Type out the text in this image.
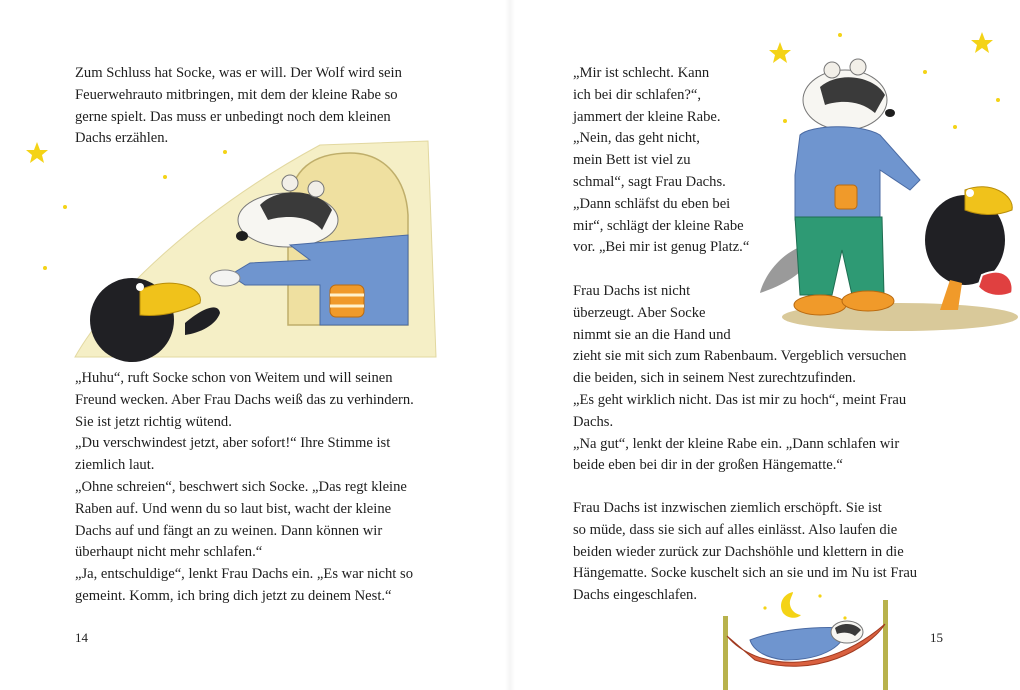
Zum Schluss hat Socke, was er will. Der Wolf wird sein
Feuerwehrauto mitbringen, mit dem der kleine Rabe so
gerne spielt. Das muss er unbedingt noch dem kleinen
Dachs erzählen.
„Huhu“, ruft Socke schon von Weitem und will seinen
Freund wecken. Aber Frau Dachs weiß das zu verhindern.
Sie ist jetzt richtig wütend.
„Du verschwindest jetzt, aber sofort!“ Ihre Stimme ist
ziemlich laut.
„Ohne schreien“, beschwert sich Socke. „Das regt kleine
Raben auf. Und wenn du so laut bist, wacht der kleine
Dachs auf und fängt an zu weinen. Dann können wir
überhaupt nicht mehr schlafen.“
„Ja, entschuldige“, lenkt Frau Dachs ein. „Es war nicht so
gemeint. Komm, ich bring dich jetzt zu deinem Nest.“
14
„Mir ist schlecht. Kann
ich bei dir schlafen?“,
jammert der kleine Rabe.
„Nein, das geht nicht,
mein Bett ist viel zu
schmal“, sagt Frau Dachs.
„Dann schläfst du eben bei
mir“, schlägt der kleine Rabe
vor. „Bei mir ist genug Platz.“
Frau Dachs ist nicht
überzeugt. Aber Socke
nimmt sie an die Hand und
zieht sie mit sich zum Rabenbaum. Vergeblich versuchen
die beiden, sich in seinem Nest zurechtzufinden.
„Es geht wirklich nicht. Das ist mir zu hoch“, meint Frau
Dachs.
„Na gut“, lenkt der kleine Rabe ein. „Dann schlafen wir
beide eben bei dir in der großen Hängematte.“
Frau Dachs ist inzwischen ziemlich erschöpft. Sie ist
so müde, dass sie sich auf alles einlässt. Also laufen die
beiden wieder zurück zur Dachshöhle und klettern in die
Hängematte. Socke kuschelt sich an sie und im Nu ist Frau
Dachs eingeschlafen.
15
